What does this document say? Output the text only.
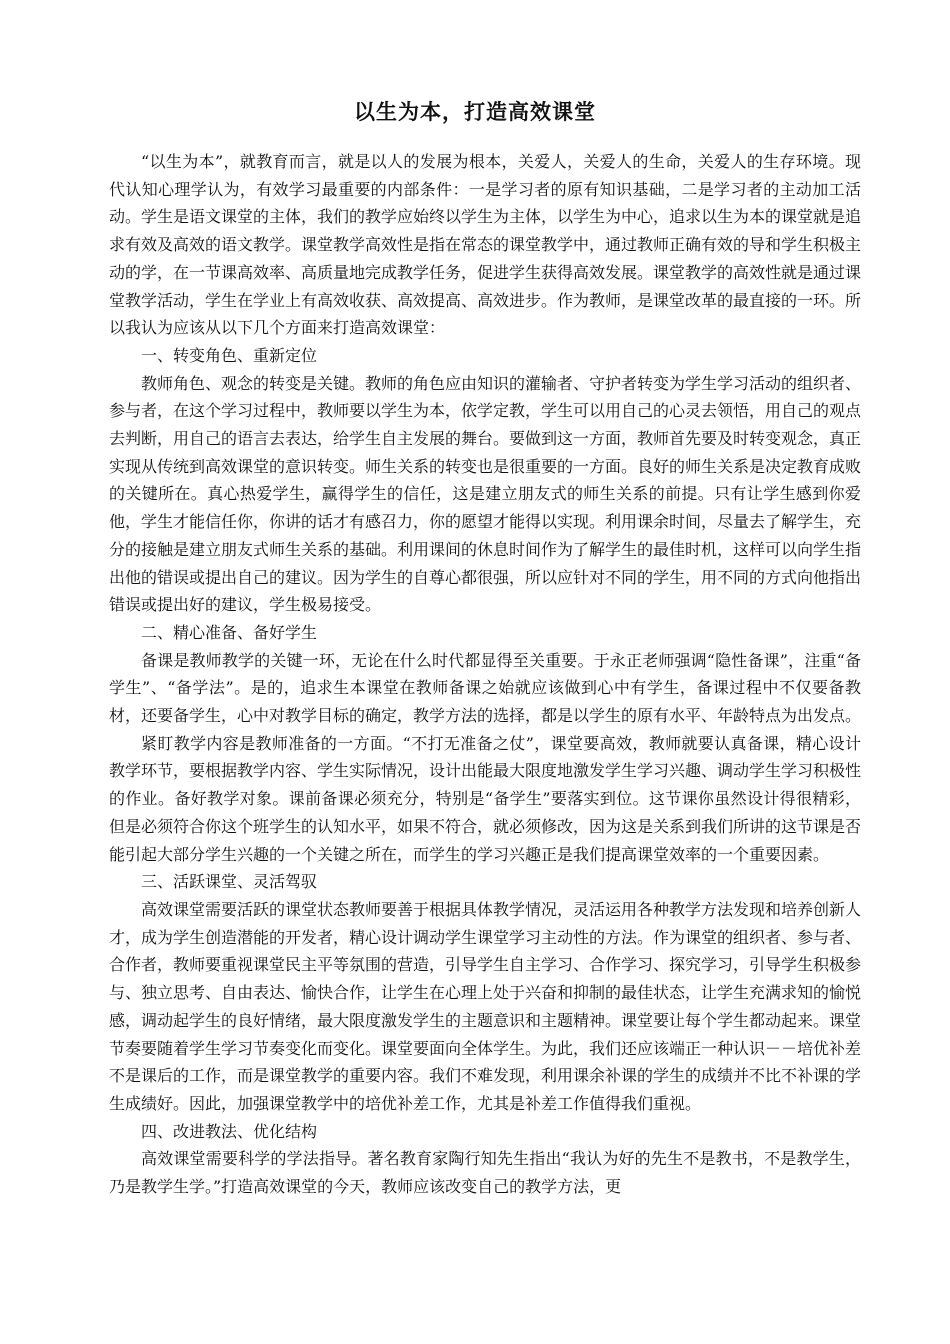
以生为本，打造高效课堂

“以生为本”，就教育而言，就是以人的发展为根本，关爱人，关爱人的生命，关爱人的生存环境。现代认知心理学认为，有效学习最重要的内部条件：一是学习者的原有知识基础，二是学习者的主动加工活动。学生是语文课堂的主体，我们的教学应始终以学生为主体，以学生为中心，追求以生为本的课堂就是追求有效及高效的语文教学。课堂教学高效性是指在常态的课堂教学中，通过教师正确有效的导和学生积极主动的学，在一节课高效率、高质量地完成教学任务，促进学生获得高效发展。课堂教学的高效性就是通过课堂教学活动，学生在学业上有高效收获、高效提高、高效进步。作为教师，是课堂改革的最直接的一环。所以我认为应该从以下几个方面来打造高效课堂：

一、转变角色、重新定位

教师角色、观念的转变是关键。教师的角色应由知识的灌输者、守护者转变为学生学习活动的组织者、参与者，在这个学习过程中，教师要以学生为本，依学定教，学生可以用自己的心灵去领悟，用自己的观点去判断，用自己的语言去表达，给学生自主发展的舞台。要做到这一方面，教师首先要及时转变观念，真正实现从传统到高效课堂的意识转变。师生关系的转变也是很重要的一方面。良好的师生关系是决定教育成败的关键所在。真心热爱学生，赢得学生的信任，这是建立朋友式的师生关系的前提。只有让学生感到你爱他，学生才能信任你，你讲的话才有感召力，你的愿望才能得以实现。利用课余时间，尽量去了解学生，充分的接触是建立朋友式师生关系的基础。利用课间的休息时间作为了解学生的最佳时机，这样可以向学生指出他的错误或提出自己的建议。因为学生的自尊心都很强，所以应针对不同的学生，用不同的方式向他指出错误或提出好的建议，学生极易接受。

二、精心准备、备好学生

备课是教师教学的关键一环，无论在什么时代都显得至关重要。于永正老师强调“隐性备课”，注重“备学生”、“备学法”。是的，追求生本课堂在教师备课之始就应该做到心中有学生，备课过程中不仅要备教材，还要备学生，心中对教学目标的确定，教学方法的选择，都是以学生的原有水平、年龄特点为出发点。

紧盯教学内容是教师准备的一方面。“不打无准备之仗”，课堂要高效，教师就要认真备课，精心设计教学环节，要根据教学内容、学生实际情况，设计出能最大限度地激发学生学习兴趣、调动学生学习积极性的作业。备好教学对象。课前备课必须充分，特别是“备学生”要落实到位。这节课你虽然设计得很精彩，但是必须符合你这个班学生的认知水平，如果不符合，就必须修改，因为这是关系到我们所讲的这节课是否能引起大部分学生兴趣的一个关键之所在，而学生的学习兴趣正是我们提高课堂效率的一个重要因素。

三、活跃课堂、灵活驾驭

高效课堂需要活跃的课堂状态教师要善于根据具体教学情况，灵活运用各种教学方法发现和培养创新人才，成为学生创造潜能的开发者，精心设计调动学生课堂学习主动性的方法。作为课堂的组织者、参与者、合作者，教师要重视课堂民主平等氛围的营造，引导学生自主学习、合作学习、探究学习，引导学生积极参与、独立思考、自由表达、愉快合作，让学生在心理上处于兴奋和抑制的最佳状态，让学生充满求知的愉悦感，调动起学生的良好情绪，最大限度激发学生的主题意识和主题精神。课堂要让每个学生都动起来。课堂节奏要随着学生学习节奏变化而变化。课堂要面向全体学生。为此，我们还应该端正一种认识－－培优补差不是课后的工作，而是课堂教学的重要内容。我们不难发现，利用课余补课的学生的成绩并不比不补课的学生成绩好。因此，加强课堂教学中的培优补差工作，尤其是补差工作值得我们重视。

四、改进教法、优化结构

高效课堂需要科学的学法指导。著名教育家陶行知先生指出“我认为好的先生不是教书，不是教学生，乃是教学生学。”打造高效课堂的今天，教师应该改变自己的教学方法，更
